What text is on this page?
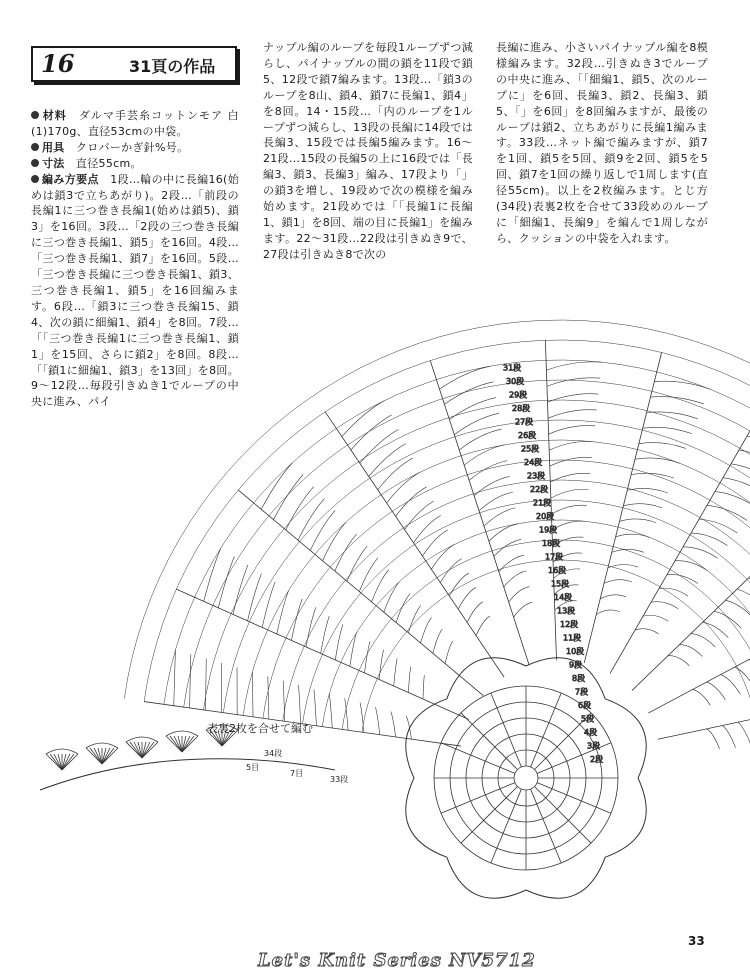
16	31頁の作品
材料　 ダルマ手芸糸コットンモア 白(1)170g、直径53cmの中袋。
用具　 クロバーかぎ針%号。
寸法　 直径55cm。
編み方要点　 1段…輪の中に長編16(始めは鎖3で立ちあがり)。2段…「前段の長編1に三つ巻き長編1(始めは鎖5)、鎖3」を16回。3段…「2段の三つ巻き長編に三つ巻き長編1、鎖5」を16回。4段…「三つ巻き長編1、鎖7」を16回。5段…「三つ巻き長編に三つ巻き長編1、鎖3、三つ巻き長編1、鎖5」を16回編みます。6段…「鎖3に三つ巻き長編15、鎖4、次の鎖に細編1、鎖4」を8回。7段…「「三つ巻き長編1に三つ巻き長編1、鎖1」を15回、さらに鎖2」を8回。8段…「「鎖1に細編1、鎖3」を13回」を8回。9〜12段…毎段引きぬき1でループの中央に進み、パイ
ナップル編のループを毎段1ループずつ減らし、パイナップルの間の鎖を11段で鎖5、12段で鎖7編みます。13段…「鎖3のループを8山、鎖4、鎖7に長編1、鎖4」を8回。14・15段…「内のループを1ループずつ減らし、13段の長編に14段では長編3、15段では長編5編みます。16〜21段…15段の長編5の上に16段では「長編3、鎖3、長編3」編み、17段より「」の鎖3を増し、19段めで次の模様を編み始めます。21段めでは「「長編1に長編1、鎖1」を8回、端の目に長編1」を編みます。22〜31段…22段は引きぬき9で、27段は引きぬき8で次の
長編に進み、小さいパイナップル編を8模様編みます。32段…引きぬき3でループの中央に進み、「「細編1、鎖5、次のループに」を6回、長編3、鎖2、長編3、鎖5、「」を6回」を8回編みますが、最後のループは鎖2、立ちあがりに長編1編みます。33段…ネット編で編みますが、鎖7を1回、鎖5を5回、鎖9を2回、鎖5を5回、鎖7を1回の繰り返しで1周します(直径55cm)。以上を2枚編みます。とじ方(34段)表裏2枚を合せて33段めのループに「細編1、長編9」を編んで1周しながら、クッションの中袋を入れます。
2段
3段
4段
5段
6段
7段
8段
9段
10段
11段
12段
13段
14段
15段
16段
17段
18段
19段
20段
21段
22段
23段
24段
25段
26段
27段
28段
29段
30段
31段
34段
5目
7目
33段
表裏2枚を合せて編む
33
Let's Knit Series NV5712
